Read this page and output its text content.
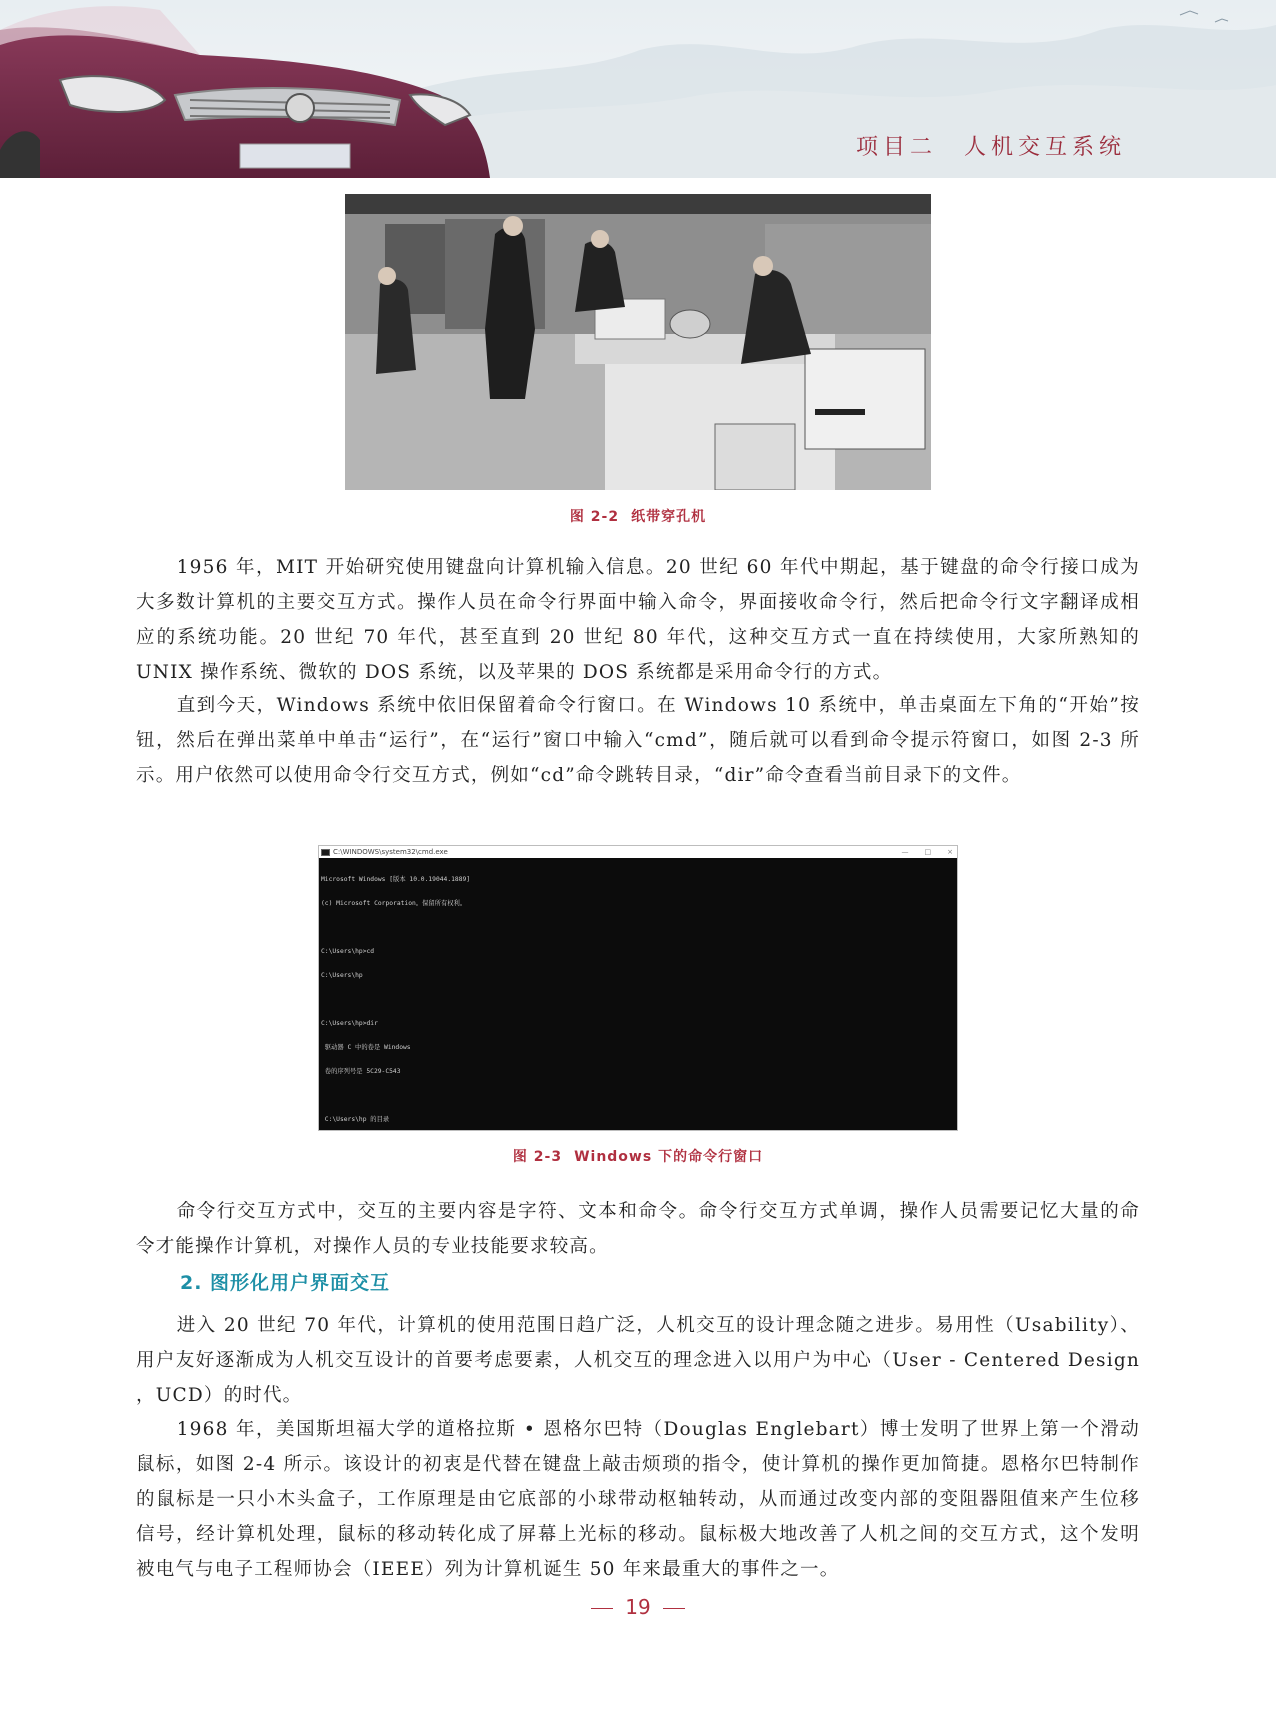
项目二　人机交互系统
图 2-2 纸带穿孔机

1956 年，MIT 开始研究使用键盘向计算机输入信息。20 世纪 60 年代中期起，基于键盘的命令行接口成为大多数计算机的主要交互方式。操作人员在命令行界面中输入命令，界面接收命令行，然后把命令行文字翻译成相应的系统功能。20 世纪 70 年代，甚至直到 20 世纪 80 年代，这种交互方式一直在持续使用，大家所熟知的 UNIX 操作系统、微软的 DOS 系统，以及苹果的 DOS 系统都是采用命令行的方式。

直到今天，Windows 系统中依旧保留着命令行窗口。在 Windows 10 系统中，单击桌面左下角的“开始”按钮，然后在弹出菜单中单击“运行”，在“运行”窗口中输入“cmd”，随后就可以看到命令提示符窗口，如图 2-3 所示。用户依然可以使用命令行交互方式，例如“cd”命令跳转目录，“dir”命令查看当前目录下的文件。

C:\WINDOWS\system32\cmd.exe	— □ ×

Microsoft Windows [版本 10.0.19044.1889]

(c) Microsoft Corporation。保留所有权利。

C:\Users\hp>cd

C:\Users\hp

C:\Users\hp>dir

驱动器 C 中的卷是 Windows

卷的序列号是 5C29-C543

C:\Users\hp 的目录

图 2-3 Windows 下的命令行窗口

命令行交互方式中，交互的主要内容是字符、文本和命令。命令行交互方式单调，操作人员需要记忆大量的命令才能操作计算机，对操作人员的专业技能要求较高。

2. 图形化用户界面交互

进入 20 世纪 70 年代，计算机的使用范围日趋广泛，人机交互的设计理念随之进步。易用性（Usability）、用户友好逐渐成为人机交互设计的首要考虑要素，人机交互的理念进入以用户为中心（User - Centered Design ，UCD）的时代。

1968 年，美国斯坦福大学的道格拉斯 • 恩格尔巴特（Douglas Englebart）博士发明了世界上第一个滑动鼠标，如图 2-4 所示。该设计的初衷是代替在键盘上敲击烦琐的指令，使计算机的操作更加简捷。恩格尔巴特制作的鼠标是一只小木头盒子，工作原理是由它底部的小球带动枢轴转动，从而通过改变内部的变阻器阻值来产生位移信号，经计算机处理，鼠标的移动转化成了屏幕上光标的移动。鼠标极大地改善了人机之间的交互方式，这个发明被电气与电子工程师协会（IEEE）列为计算机诞生 50 年来最重大的事件之一。

19
